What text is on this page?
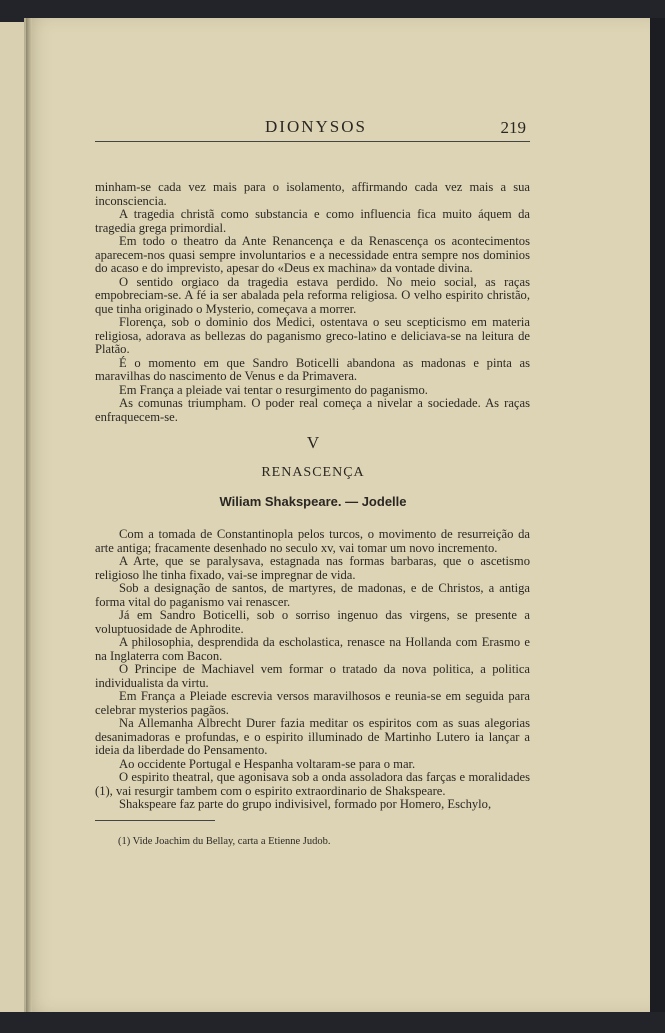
DIONYSOS	219

minham-se cada vez mais para o isolamento, affirmando cada vez mais a sua inconsciencia.

A tragedia christã como substancia e como influencia fica muito áquem da tragedia grega primordial.

Em todo o theatro da Ante Renancença e da Renascença os acontecimentos aparecem-nos quasi sempre involuntarios e a necessidade entra sempre nos dominios do acaso e do imprevisto, apesar do «Deus ex machina» da vontade divina.

O sentido orgiaco da tragedia estava perdido. No meio social, as raças empobreciam-se. A fé ia ser abalada pela reforma religiosa. O velho espirito christão, que tinha originado o Mysterio, começava a morrer.

Florença, sob o dominio dos Medici, ostentava o seu scepticismo em materia religiosa, adorava as bellezas do paganismo greco-latino e deliciava-se na leitura de Platão.

É o momento em que Sandro Boticelli abandona as madonas e pinta as maravilhas do nascimento de Venus e da Primavera.

Em França a pleiade vai tentar o resurgimento do paganismo.

As comunas triumpham. O poder real começa a nivelar a sociedade. As raças enfraquecem-se.

V
RENASCENÇA
Wiliam Shakspeare. — Jodelle

Com a tomada de Constantinopla pelos turcos, o movimento de resurreição da arte antiga; fracamente desenhado no seculo xv, vai tomar um novo incremento.

A Arte, que se paralysava, estagnada nas formas barbaras, que o ascetismo religioso lhe tinha fixado, vai-se impregnar de vida.

Sob a designação de santos, de martyres, de madonas, e de Christos, a antiga forma vital do paganismo vai renascer.

Já em Sandro Boticelli, sob o sorriso ingenuo das virgens, se presente a voluptuosidade de Aphrodite.

A philosophia, desprendida da escholastica, renasce na Hollanda com Erasmo e na Inglaterra com Bacon.

O Principe de Machiavel vem formar o tratado da nova politica, a politica individualista da virtu.

Em França a Pleiade escrevia versos maravilhosos e reunia-se em seguida para celebrar mysterios pagãos.

Na Allemanha Albrecht Durer fazia meditar os espiritos com as suas alegorias desanimadoras e profundas, e o espirito illuminado de Martinho Lutero ia lançar a ideia da liberdade do Pensamento.

Ao occidente Portugal e Hespanha voltaram-se para o mar.

O espirito theatral, que agonisava sob a onda assoladora das farças e moralidades (1), vai resurgir tambem com o espirito extraordinario de Shakspeare.

Shakspeare faz parte do grupo indivisivel, formado por Homero, Eschylo,

(1) Vide Joachim du Bellay, carta a Etienne Judob.
